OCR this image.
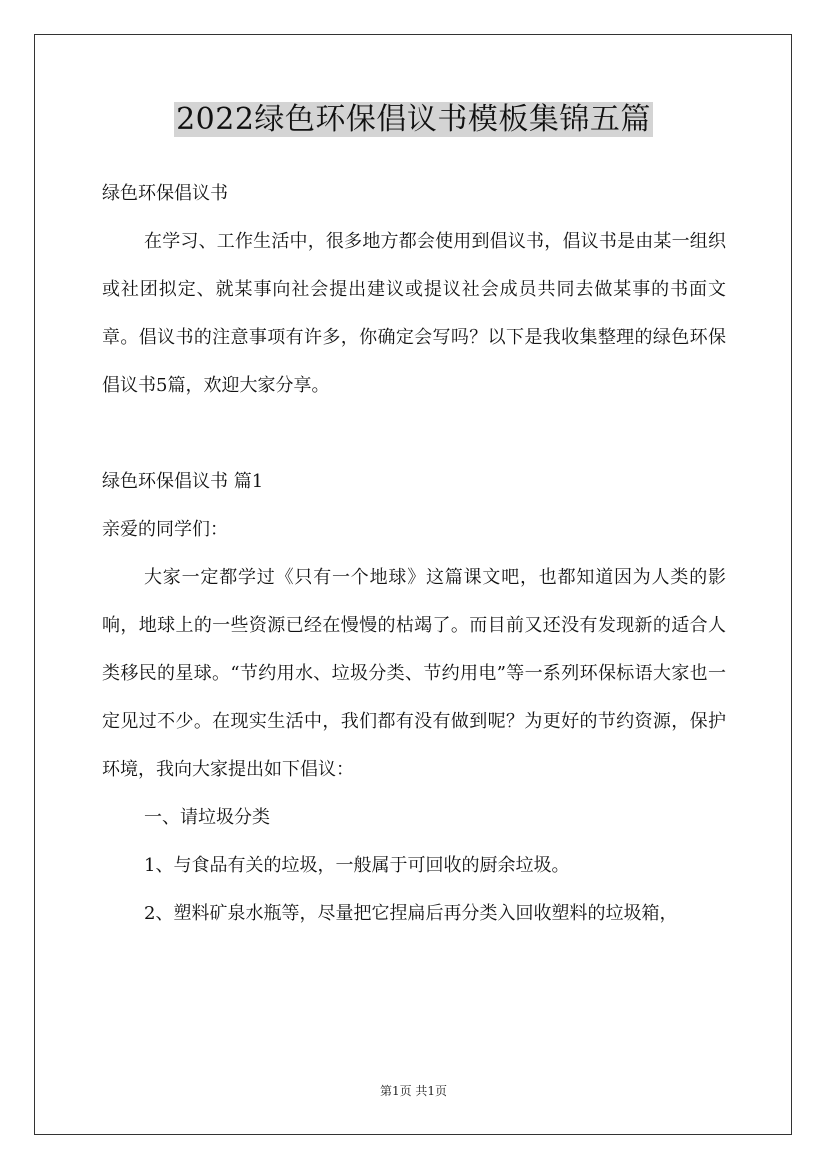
2022绿色环保倡议书模板集锦五篇

绿色环保倡议书

在学习、工作生活中，很多地方都会使用到倡议书，倡议书是由某一组织或社团拟定、就某事向社会提出建议或提议社会成员共同去做某事的书面文章。倡议书的注意事项有许多，你确定会写吗？以下是我收集整理的绿色环保倡议书5篇，欢迎大家分享。

绿色环保倡议书 篇1

亲爱的同学们：

大家一定都学过《只有一个地球》这篇课文吧，也都知道因为人类的影响，地球上的一些资源已经在慢慢的枯竭了。而目前又还没有发现新的适合人类移民的星球。“节约用水、垃圾分类、节约用电”等一系列环保标语大家也一定见过不少。在现实生活中，我们都有没有做到呢？为更好的节约资源，保护环境，我向大家提出如下倡议：

一、请垃圾分类

1、与食品有关的垃圾，一般属于可回收的厨余垃圾。

2、塑料矿泉水瓶等，尽量把它捏扁后再分类入回收塑料的垃圾箱，

第1页 共1页
